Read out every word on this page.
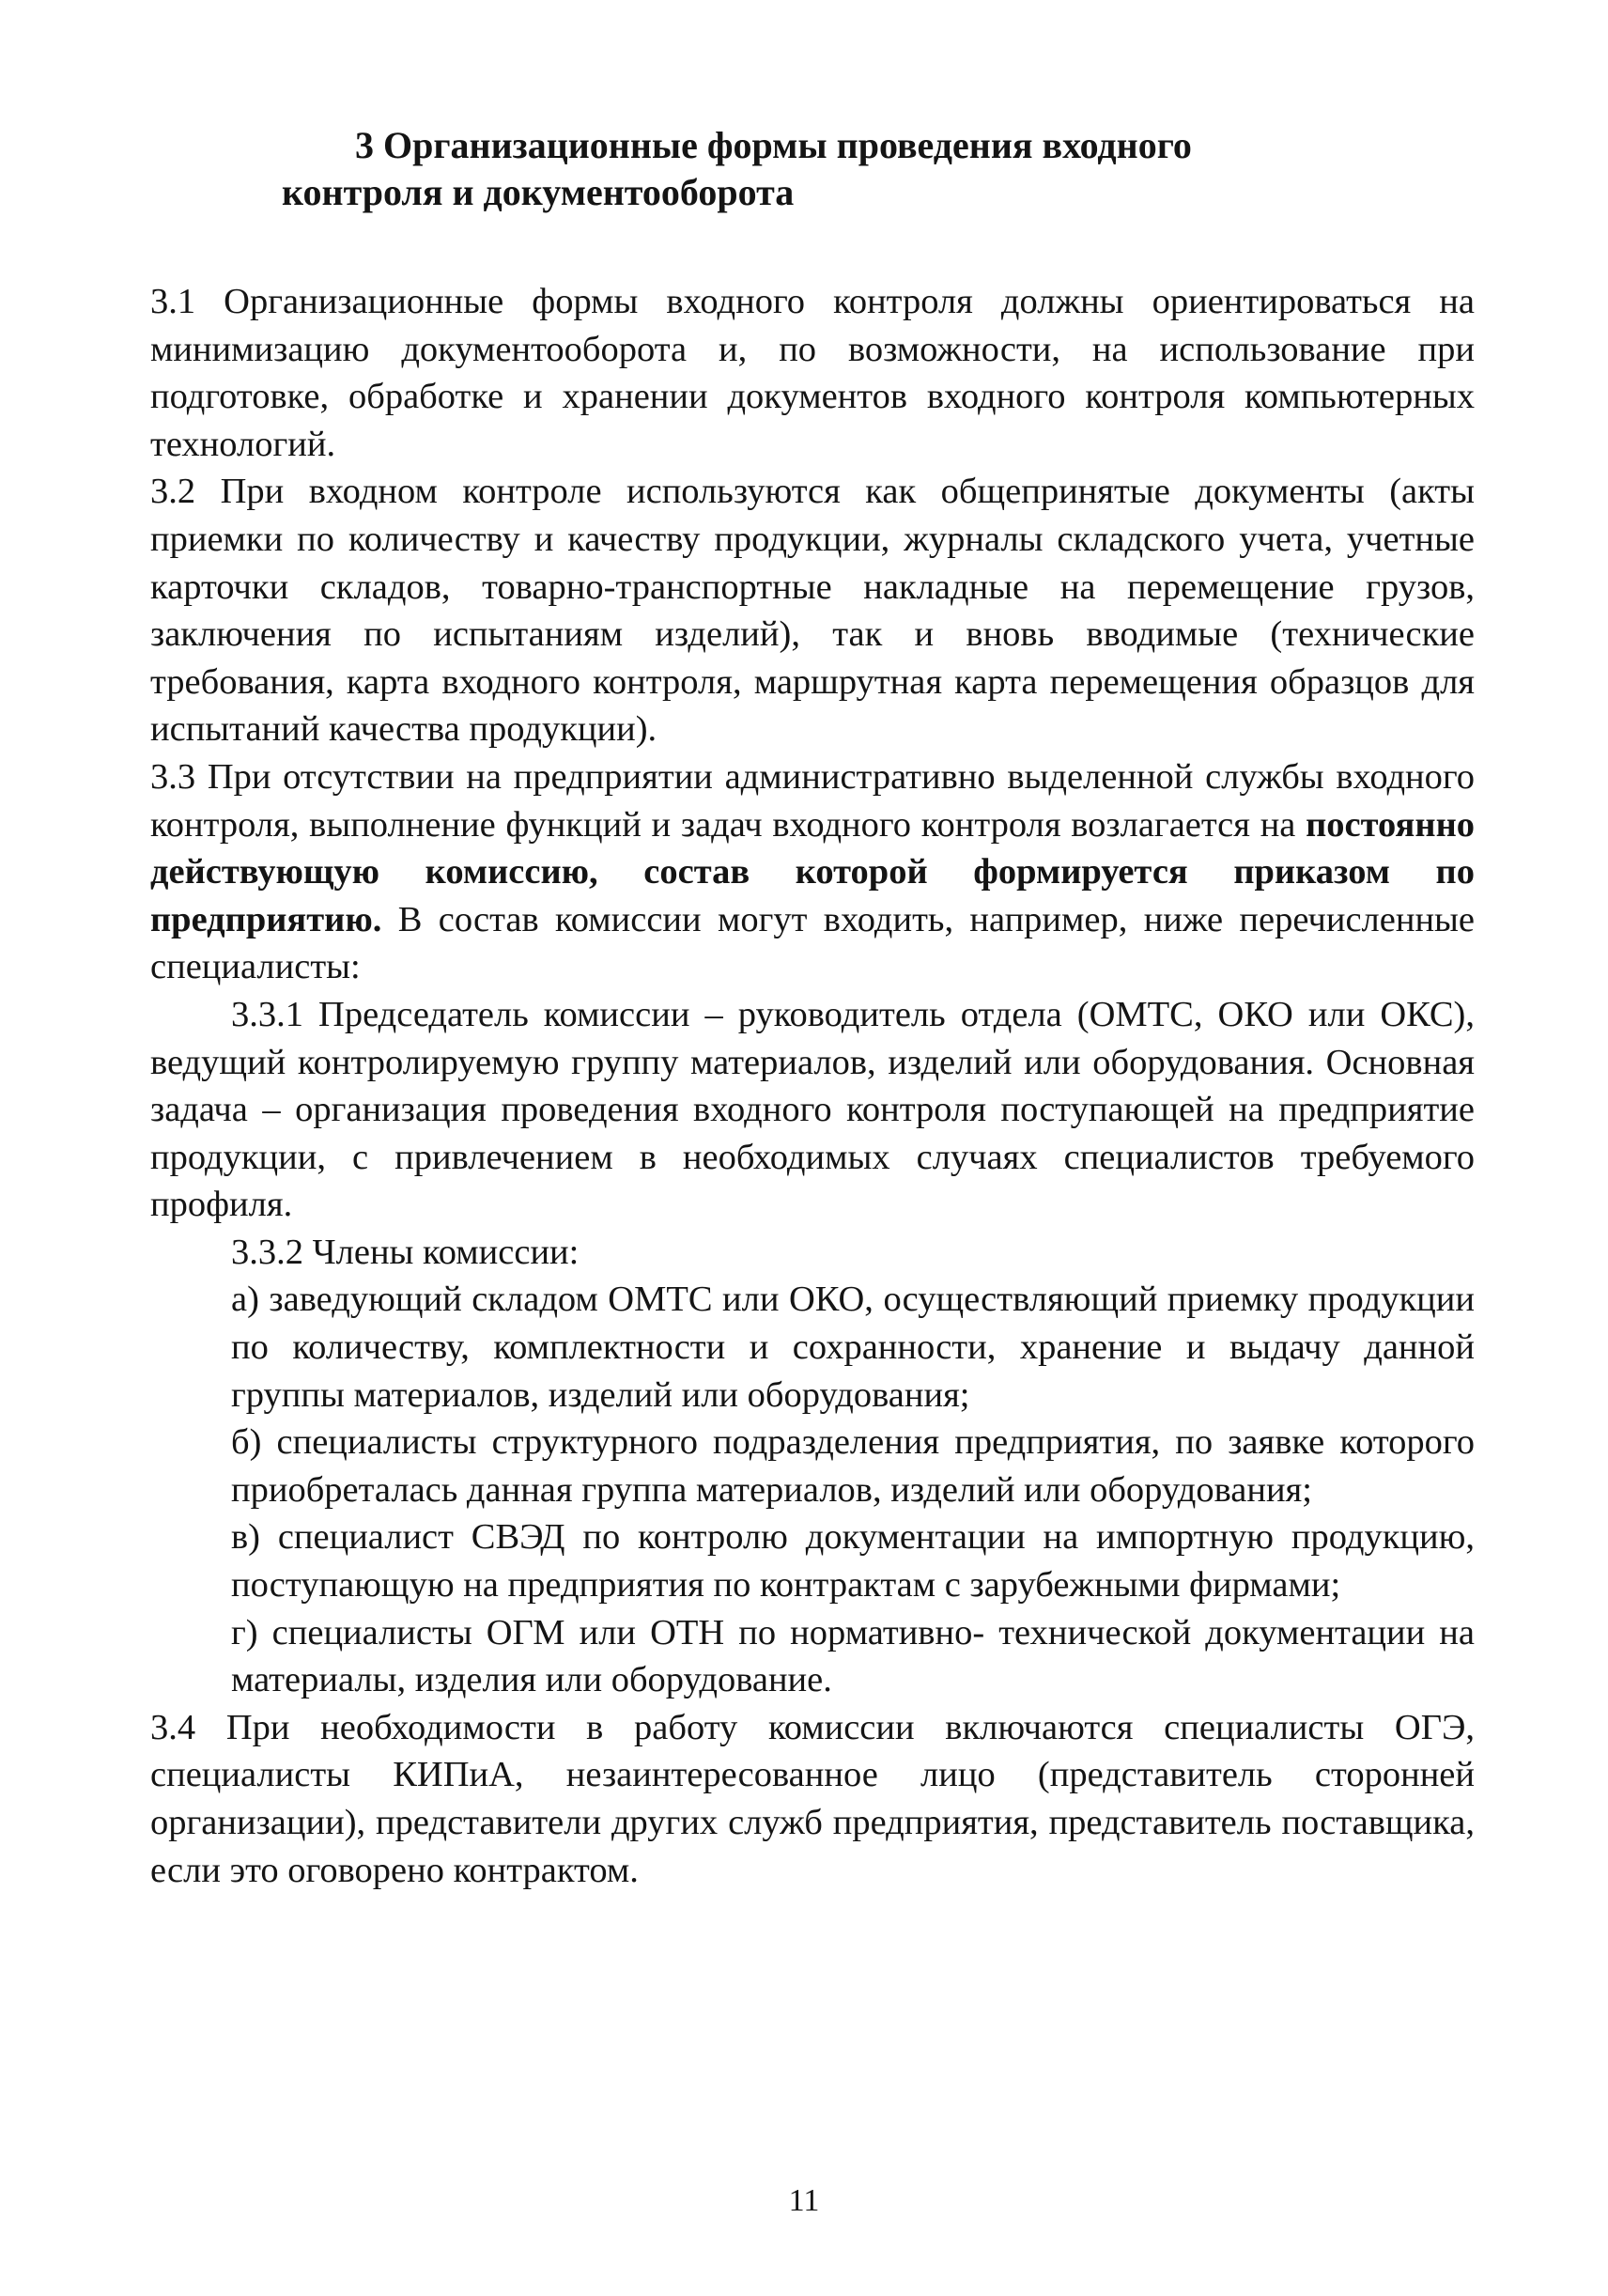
3 Организационные формы проведения входного
контроля и документооборота

3.1 Организационные формы входного контроля должны ориентироваться на минимизацию документооборота и, по возможности, на использование при подготовке, обработке и хранении документов входного контроля компьютерных технологий.

3.2 При входном контроле используются как общепринятые документы (акты приемки по количеству и качеству продукции, журналы складского учета, учетные карточки складов, товарно-транспортные накладные на перемещение грузов, заключения по испытаниям изделий), так и вновь вводимые (технические требования, карта входного контроля, маршрутная карта перемещения образцов для испытаний качества продукции).

3.3 При отсутствии на предприятии административно выделенной службы входного контроля, выполнение функций и задач входного контроля возлагается на постоянно действующую комиссию, состав которой формируется приказом по предприятию. В состав комиссии могут входить, например, ниже перечисленные специалисты:

3.3.1 Председатель комиссии – руководитель отдела (ОМТС, ОКО или ОКС), ведущий контролируемую группу материалов, изделий или оборудования. Основная задача – организация проведения входного контроля поступающей на предприятие продукции, с привлечением в необходимых случаях специалистов требуемого профиля.

3.3.2 Члены комиссии:

а) заведующий складом ОМТС или ОКО, осуществляющий приемку продукции по количеству, комплектности и сохранности, хранение и выдачу данной группы материалов, изделий или оборудования;

б) специалисты структурного подразделения предприятия, по заявке которого приобреталась данная группа материалов, изделий или оборудования;

в) специалист СВЭД по контролю документации на импортную продукцию, поступающую на предприятия по контрактам с зарубежными фирмами;

г) специалисты ОГМ или ОТН по нормативно- технической документации на материалы, изделия или оборудование.

3.4 При необходимости в работу комиссии включаются специалисты ОГЭ, специалисты КИПиА, незаинтересованное лицо (представитель сторонней организации), представители других служб предприятия, представитель поставщика, если это оговорено контрактом.

11
